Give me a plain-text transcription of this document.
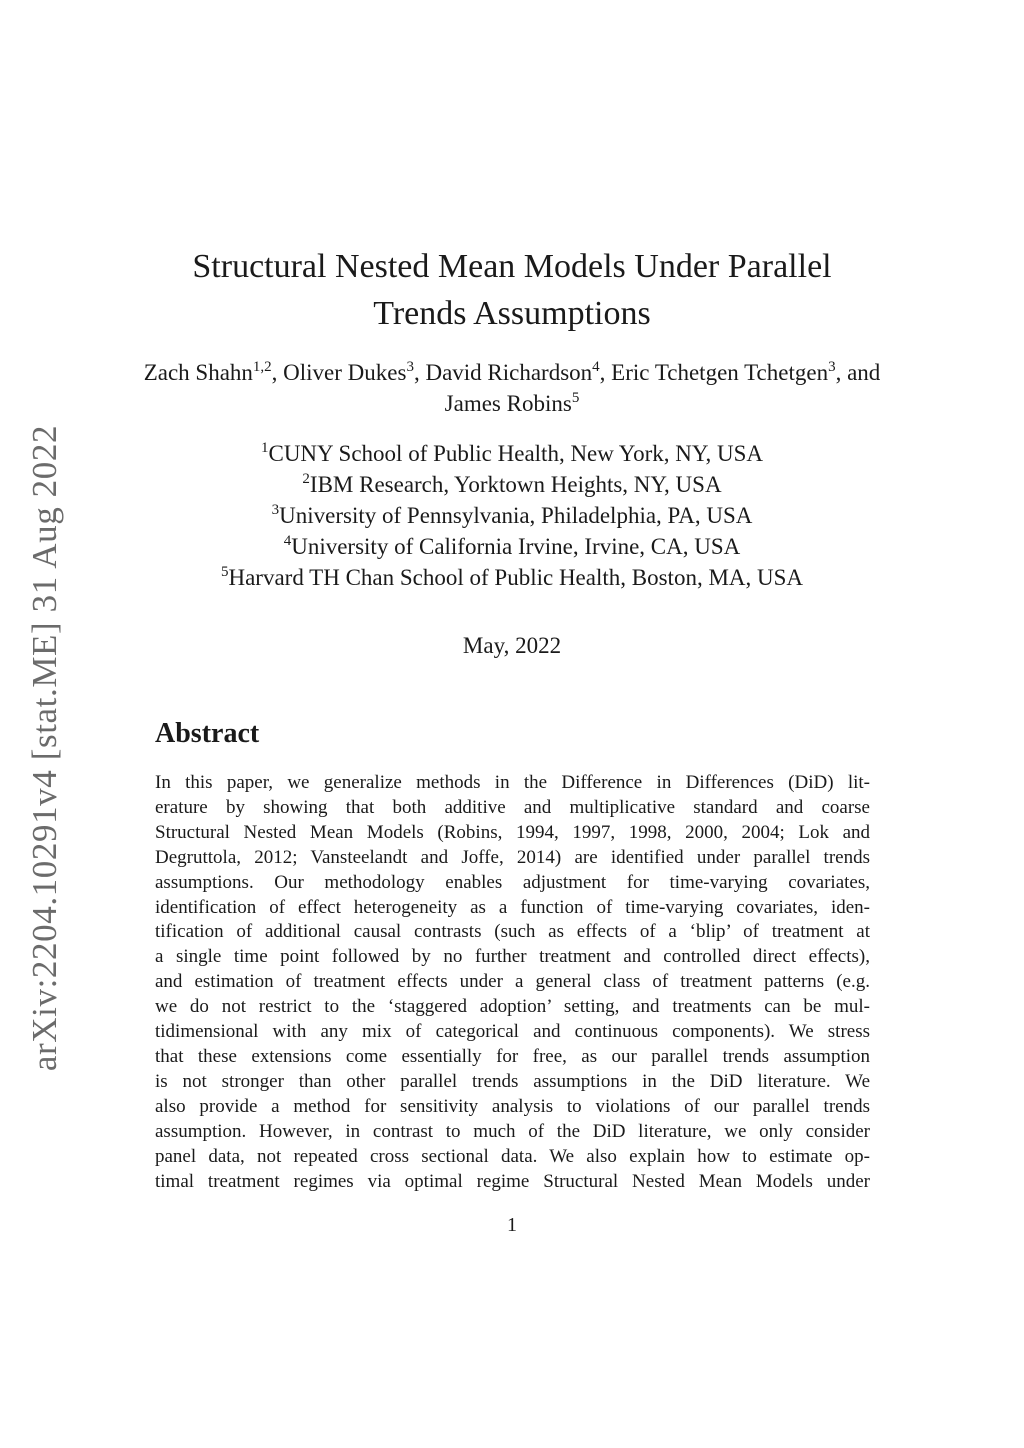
arXiv:2204.10291v4 [stat.ME] 31 Aug 2022
Structural Nested Mean Models Under Parallel
Trends Assumptions
Zach Shahn$^{1,2}$, Oliver Dukes$^3$, David Richardson$^4$, Eric Tchetgen Tchetgen$^3$, and James Robins$^5$
$^1$CUNY School of Public Health, New York, NY, USA
$^2$IBM Research, Yorktown Heights, NY, USA
$^3$University of Pennsylvania, Philadelphia, PA, USA
$^4$University of California Irvine, Irvine, CA, USA
$^5$Harvard TH Chan School of Public Health, Boston, MA, USA
May, 2022
Abstract
In this paper, we generalize methods in the Difference in Differences (DiD) lit-
erature by showing that both additive and multiplicative standard and coarse
Structural Nested Mean Models (Robins, 1994, 1997, 1998, 2000, 2004; Lok and
Degruttola, 2012; Vansteelandt and Joffe, 2014) are identified under parallel trends
assumptions. Our methodology enables adjustment for time-varying covariates,
identification of effect heterogeneity as a function of time-varying covariates, iden-
tification of additional causal contrasts (such as effects of a ‘blip’ of treatment at
a single time point followed by no further treatment and controlled direct effects),
and estimation of treatment effects under a general class of treatment patterns (e.g.
we do not restrict to the ‘staggered adoption’ setting, and treatments can be mul-
tidimensional with any mix of categorical and continuous components). We stress
that these extensions come essentially for free, as our parallel trends assumption
is not stronger than other parallel trends assumptions in the DiD literature. We
also provide a method for sensitivity analysis to violations of our parallel trends
assumption. However, in contrast to much of the DiD literature, we only consider
panel data, not repeated cross sectional data. We also explain how to estimate op-
timal treatment regimes via optimal regime Structural Nested Mean Models under
1
